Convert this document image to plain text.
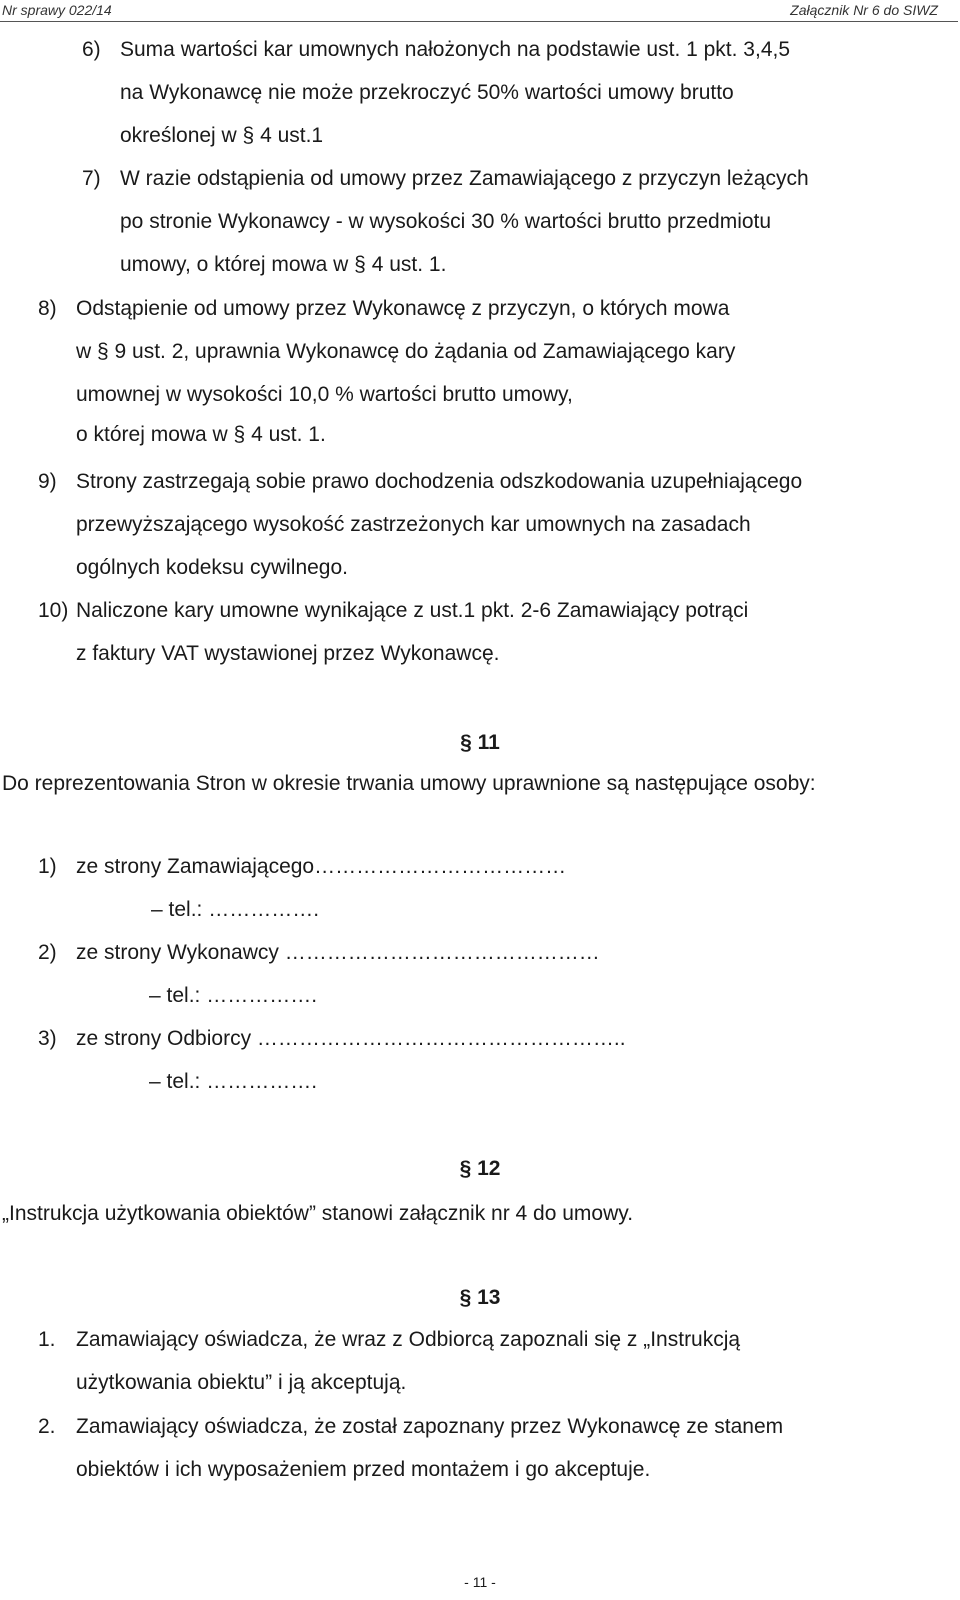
Nr sprawy 022/14	Załącznik Nr 6 do SIWZ
6) Suma wartości kar umownych nałożonych na podstawie ust. 1 pkt. 3,4,5
na Wykonawcę nie może przekroczyć 50% wartości umowy brutto
określonej w § 4 ust.1
7) W razie odstąpienia od umowy przez Zamawiającego z przyczyn leżących
po stronie Wykonawcy - w wysokości 30 % wartości brutto przedmiotu
umowy, o której mowa w § 4 ust. 1.
8) Odstąpienie od umowy przez Wykonawcę z przyczyn, o których mowa
w § 9 ust. 2, uprawnia Wykonawcę do żądania od Zamawiającego kary
umownej w wysokości 10,0 % wartości brutto umowy,
o której mowa w § 4 ust. 1.
9) Strony zastrzegają sobie prawo dochodzenia odszkodowania uzupełniającego
przewyższającego wysokość zastrzeżonych kar umownych na zasadach
ogólnych kodeksu cywilnego.
10) Naliczone kary umowne wynikające z ust.1 pkt. 2-6 Zamawiający potrąci
z faktury VAT wystawionej przez Wykonawcę.
§ 11
Do reprezentowania Stron w okresie trwania umowy uprawnione są następujące osoby:
1) ze strony Zamawiającego………………………………
– tel.: …………….
2) ze strony Wykonawcy ………………………………………
– tel.: …………….
3) ze strony Odbiorcy ……………………………………………..
– tel.: …………….
§ 12
„Instrukcja użytkowania obiektów” stanowi załącznik nr 4 do umowy.
§ 13
1. Zamawiający oświadcza, że wraz z Odbiorcą zapoznali się z „Instrukcją
użytkowania obiektu” i ją akceptują.
2. Zamawiający oświadcza, że został zapoznany przez Wykonawcę ze stanem
obiektów i ich wyposażeniem przed montażem i go akceptuje.
- 11 -
